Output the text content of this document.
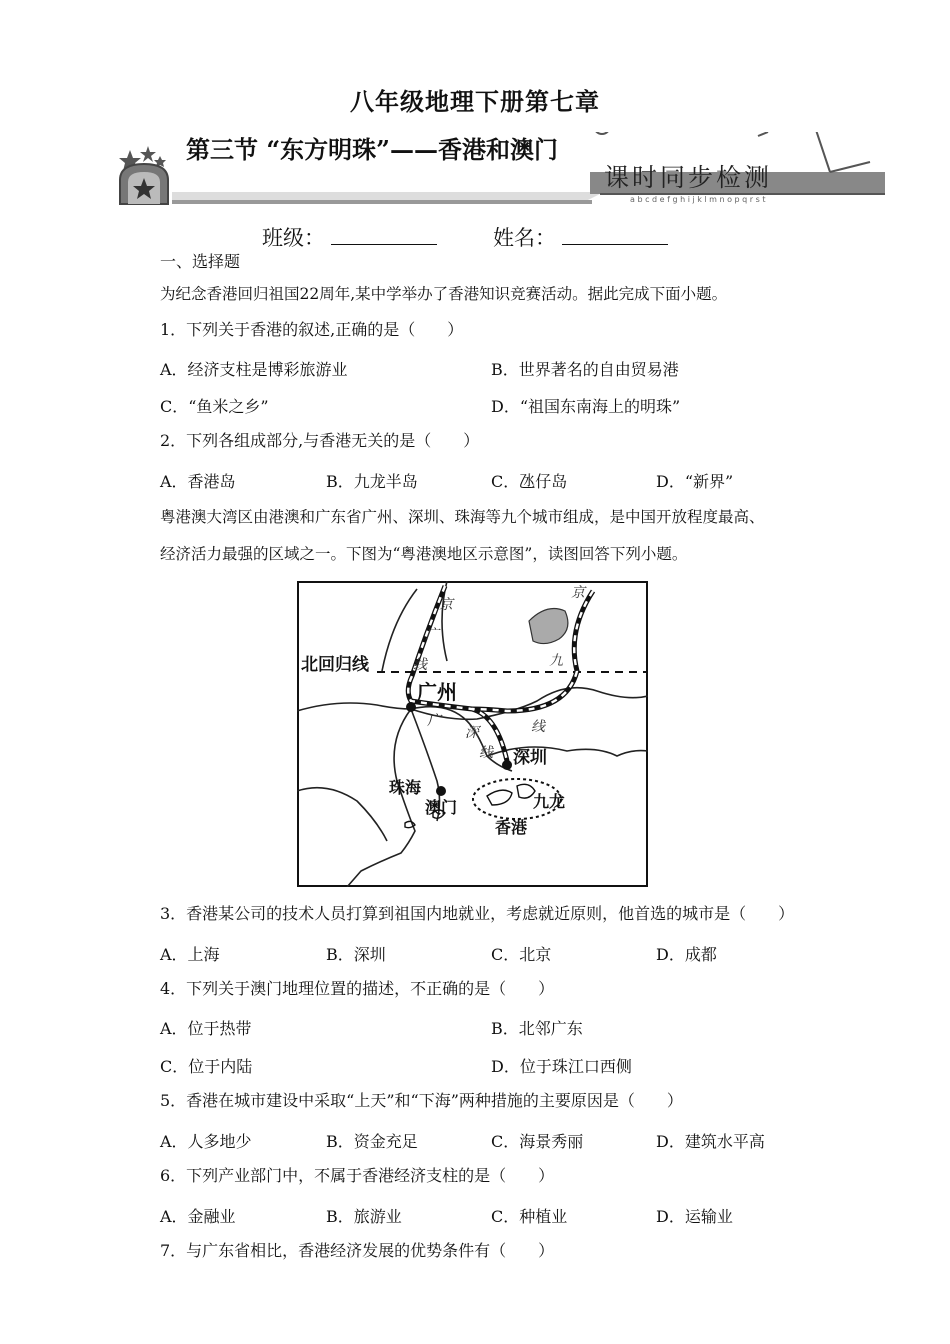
八年级地理下册第七章
a b c d e f g h i j k l m n o p q r s t
课时同步检测
第三节 “东方明珠”——香港和澳门
班级：	姓名：
一、选择题
为纪念香港回归祖国22周年,某中学举办了香港知识竞赛活动。据此完成下面小题。
1．下列关于香港的叙述,正确的是（　　）
A．经济支柱是博彩旅游业	B．世界著名的自由贸易港
C．“鱼米之乡”	D．“祖国东南海上的明珠”
2．下列各组成部分,与香港无关的是（　　）
A．香港岛	B．九龙半岛	C．氹仔岛	D．“新界”
粤港澳大湾区由港澳和广东省广州、深圳、珠海等九个城市组成，是中国开放程度最高、
经济活力最强的区域之一。下图为“粤港澳地区示意图”，读图回答下列小题。
北回归线
广州
深圳
珠海
澳门	九龙
香港
京
广
线
京
九
线
广
深
线
3．香港某公司的技术人员打算到祖国内地就业，考虑就近原则，他首选的城市是（　　）
A．上海	B．深圳	C．北京	D．成都
4．下列关于澳门地理位置的描述，不正确的是（　　）
A．位于热带	B．北邻广东
C．位于内陆	D．位于珠江口西侧
5．香港在城市建设中采取“上天”和“下海”两种措施的主要原因是（　　）
A．人多地少	B．资金充足	C．海景秀丽	D．建筑水平高
6．下列产业部门中，不属于香港经济支柱的是（　　）
A．金融业	B．旅游业	C．种植业	D．运输业
7．与广东省相比，香港经济发展的优势条件有（　　）
